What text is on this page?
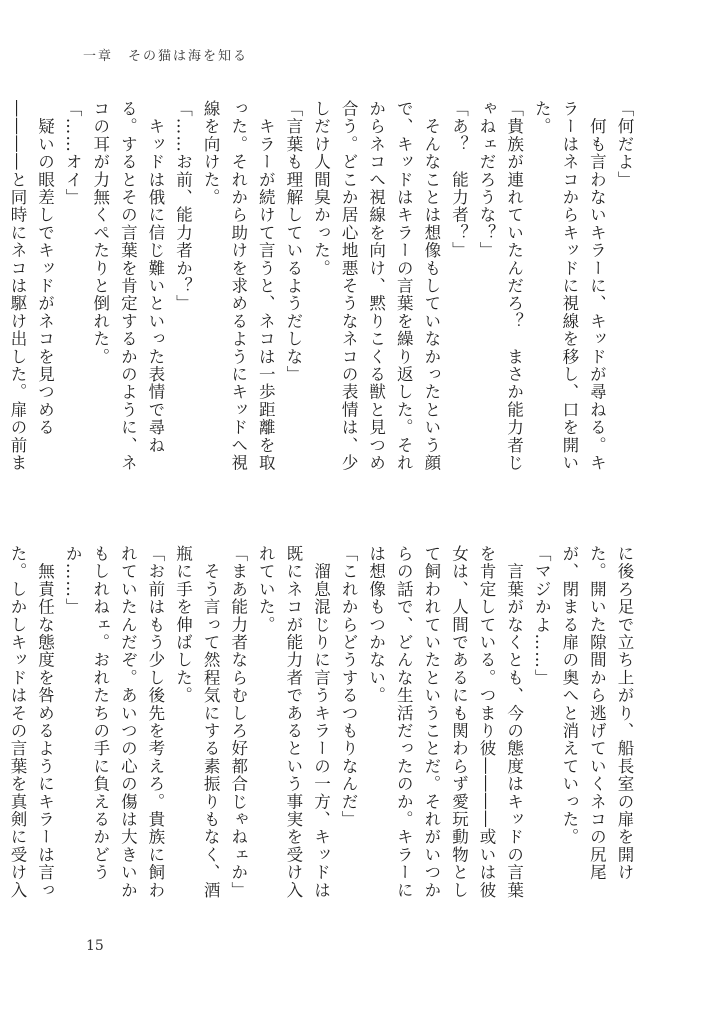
一章　その猫は海を知る

「何だよ」

　何も言わないキラーに、キッドが尋ねる。キラーはネコからキッドに視線を移し、口を開いた。

「貴族が連れていたんだろ？　まさか能力者じゃねェだろうな？」

「あ？　能力者？」

　そんなことは想像もしていなかったという顔で、キッドはキラーの言葉を繰り返した。それからネコへ視線を向け、黙りこくる獣と見つめ合う。どこか居心地悪そうなネコの表情は、少しだけ人間臭かった。

「言葉も理解しているようだしな」

　キラーが続けて言うと、ネコは一歩距離を取った。それから助けを求めるようにキッドへ視線を向けた。

「……お前、能力者か？」

　キッドは俄に信じ難いといった表情で尋ねる。するとその言葉を肯定するかのように、ネコの耳が力無くぺたりと倒れた。

「……オイ」

　疑いの眼差しでキッドがネコを見つめる――――と同時にネコは駆け出した。扉の前ま

に後ろ足で立ち上がり、船長室の扉を開けた。開いた隙間から逃げていくネコの尻尾が、閉まる扉の奥へと消えていった。

「マジかよ……」

　言葉がなくとも、今の態度はキッドの言葉を肯定している。つまり彼――――或いは彼女は、人間であるにも関わらず愛玩動物として飼われていたということだ。それがいつからの話で、どんな生活だったのか。キラーには想像もつかない。

「これからどうするつもりなんだ」

　溜息混じりに言うキラーの一方、キッドは既にネコが能力者であるという事実を受け入れていた。

「まあ能力者ならむしろ好都合じゃねェか」

　そう言って然程気にする素振りもなく、酒瓶に手を伸ばした。

「お前はもう少し後先を考えろ。貴族に飼われていたんだぞ。あいつの心の傷は大きいかもしれねェ。おれたちの手に負えるかどうか……」

　無責任な態度を咎めるようにキラーは言った。しかしキッドはその言葉を真剣に受け入

15
